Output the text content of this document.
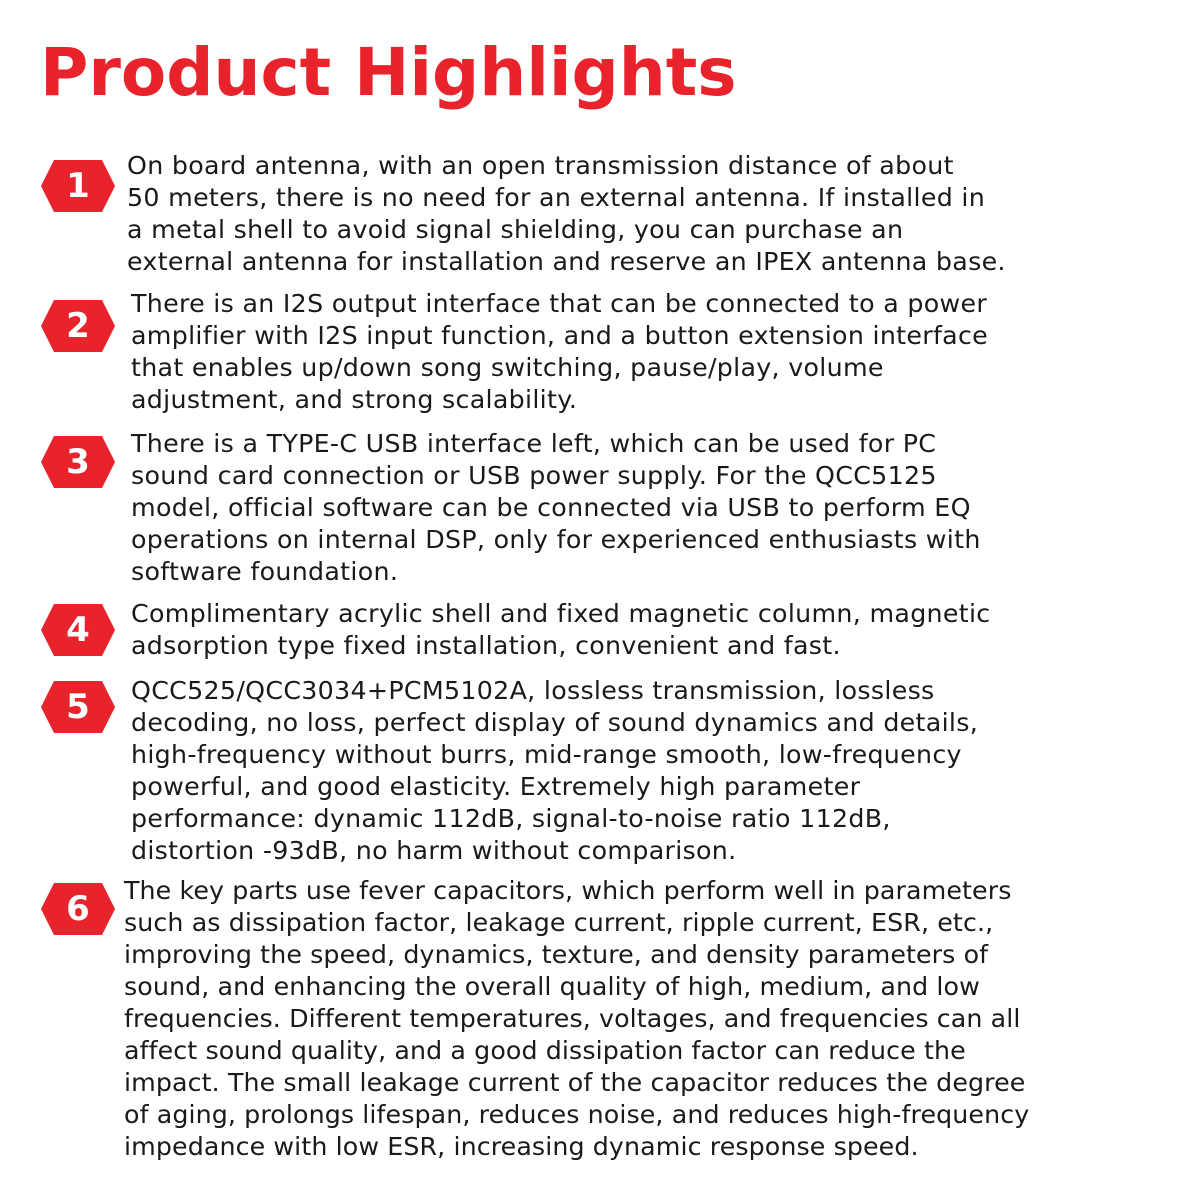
Product Highlights
1

On board antenna, with an open transmission distance of about
50 meters, there is no need for an external antenna. If installed in
a metal shell to avoid signal shielding, you can purchase an
external antenna for installation and reserve an IPEX antenna base.

2

There is an I2S output interface that can be connected to a power
amplifier with I2S input function, and a button extension interface
that enables up/down song switching, pause/play, volume
adjustment, and strong scalability.

3	There is a TYPE-C USB interface left, which can be used for PC
sound card connection or USB power supply. For the QCC5125
model, official software can be connected via USB to perform EQ
operations on internal DSP, only for experienced enthusiasts with
software foundation.

4	Complimentary acrylic shell and fixed magnetic column, magnetic
adsorption type fixed installation, convenient and fast.

5	QCC525/QCC3034+PCM5102A, lossless transmission, lossless
decoding, no loss, perfect display of sound dynamics and details,
high-frequency without burrs, mid-range smooth, low-frequency
powerful, and good elasticity. Extremely high parameter
performance: dynamic 112dB, signal-to-noise ratio 112dB,
distortion -93dB, no harm without comparison.

6	The key parts use fever capacitors, which perform well in parameters
such as dissipation factor, leakage current, ripple current, ESR, etc.,
improving the speed, dynamics, texture, and density parameters of
sound, and enhancing the overall quality of high, medium, and low
frequencies. Different temperatures, voltages, and frequencies can all
affect sound quality, and a good dissipation factor can reduce the
impact. The small leakage current of the capacitor reduces the degree
of aging, prolongs lifespan, reduces noise, and reduces high-frequency
impedance with low ESR, increasing dynamic response speed.
